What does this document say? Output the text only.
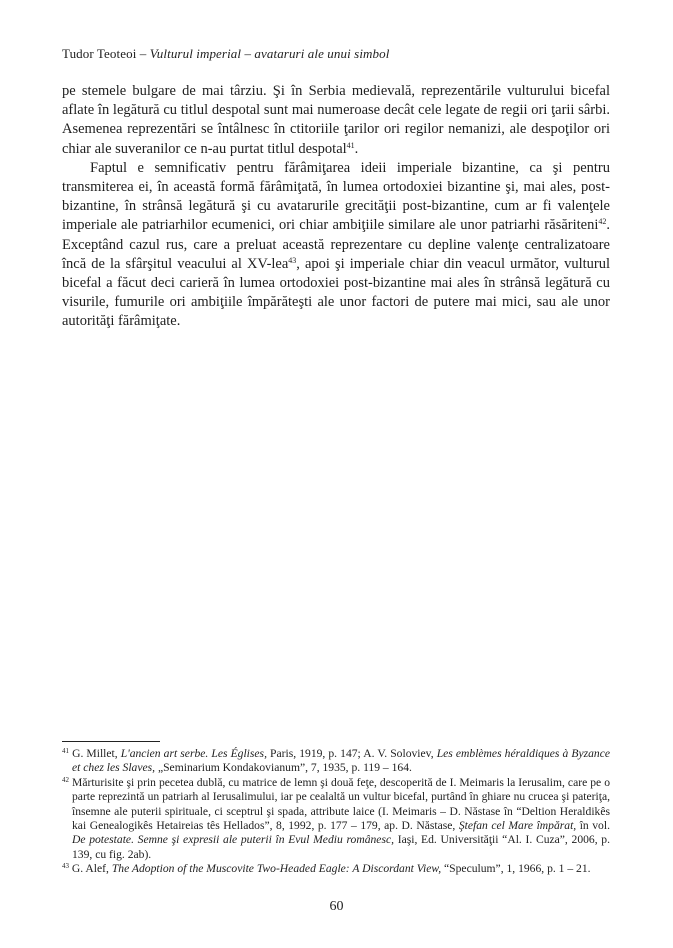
Tudor Teoteoi – Vulturul imperial – avataruri ale unui simbol

pe stemele bulgare de mai târziu. Şi în Serbia medievală, reprezentările vulturului bicefal aflate în legătură cu titlul despotal sunt mai numeroase decât cele legate de regii ori ţarii sârbi. Asemenea reprezentări se întâlnesc în ctitoriile ţarilor ori regilor nemanizi, ale despoţilor ori chiar ale suveranilor ce n-au purtat titlul despotal$^{41}$.

Faptul e semnificativ pentru fărâmiţarea ideii imperiale bizantine, ca şi pentru transmiterea ei, în această formă fărâmiţată, în lumea ortodoxiei bizantine şi, mai ales, post-bizantine, în strânsă legătură şi cu avatarurile grecităţii post-bizantine, cum ar fi valenţele imperiale ale patriarhilor ecumenici, ori chiar ambiţiile similare ale unor patriarhi răsăriteni$^{42}$. Exceptând cazul rus, care a preluat această reprezentare cu depline valenţe centralizatoare încă de la sfârşitul veacului al XV-lea$^{43}$, apoi şi imperiale chiar din veacul următor, vulturul bicefal a făcut deci carieră în lumea ortodoxiei post-bizantine mai ales în strânsă legătură cu visurile, fumurile ori ambiţiile împărăteşti ale unor factori de putere mai mici, sau ale unor autorităţi fărâmiţate.

$^{41}$ G. Millet, L'ancien art serbe. Les Églises, Paris, 1919, p. 147; A. V. Soloviev, Les emblèmes héraldiques à Byzance et chez les Slaves, „Seminarium Kondakovianum”, 7, 1935, p. 119 – 164.

$^{42}$ Mărturisite şi prin pecetea dublă, cu matrice de lemn şi două feţe, descoperită de I. Meimaris la Ierusalim, care pe o parte reprezintă un patriarh al Ierusalimului, iar pe cealaltă un vultur bicefal, purtând în ghiare nu crucea şi pateriţa, însemne ale puterii spirituale, ci sceptrul şi spada, attribute laice (I. Meimaris – D. Năstase în “Deltion Heraldikês kai Genealogikês Hetaireias tês Hellados”, 8, 1992, p. 177 – 179, ap. D. Năstase, Ştefan cel Mare împărat, în vol. De potestate. Semne şi expresii ale puterii în Evul Mediu românesc, Iaşi, Ed. Universităţii “Al. I. Cuza”, 2006, p. 139, cu fig. 2ab).

$^{43}$ G. Alef, The Adoption of the Muscovite Two-Headed Eagle: A Discordant View, “Speculum”, 1, 1966, p. 1 – 21.

60
